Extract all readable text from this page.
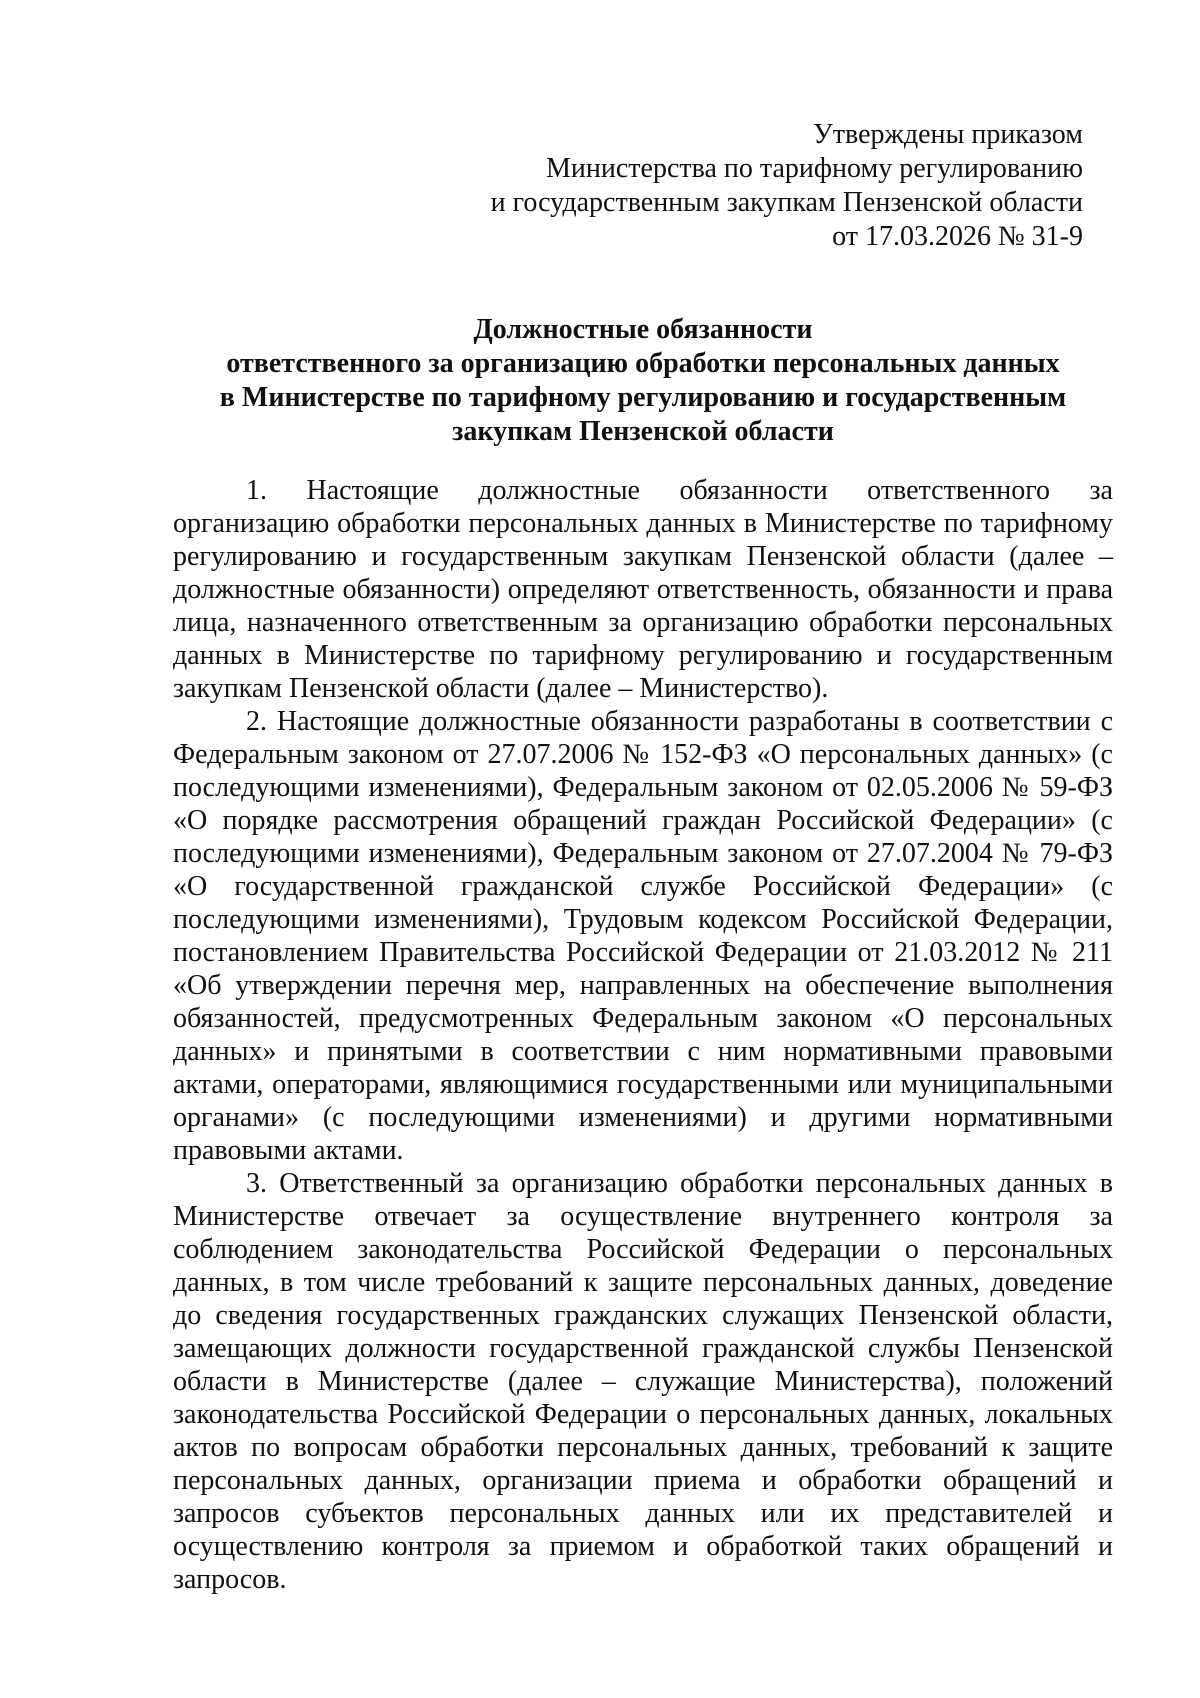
Утверждены приказом
Министерства по тарифному регулированию
и государственным закупкам Пензенской области
от 17.03.2026 № 31-9
Должностные обязанности
ответственного за организацию обработки персональных данных
в Министерстве по тарифному регулированию и государственным
закупкам Пензенской области

1. Настоящие должностные обязанности ответственного за организацию обработки персональных данных в Министерстве по тарифному регулированию и государственным закупкам Пензенской области (далее – должностные обязанности) определяют ответственность, обязанности и права лица, назначенного ответственным за организацию обработки персональных данных в Министерстве по тарифному регулированию и государственным закупкам Пензенской области (далее – Министерство).

2. Настоящие должностные обязанности разработаны в соответствии с Федеральным законом от 27.07.2006 № 152-ФЗ «О персональных данных» (с последующими изменениями), Федеральным законом от 02.05.2006 № 59-ФЗ «О порядке рассмотрения обращений граждан Российской Федерации» (с последующими изменениями), Федеральным законом от 27.07.2004 № 79-ФЗ «О государственной гражданской службе Российской Федерации» (с последующими изменениями), Трудовым кодексом Российской Федерации, постановлением Правительства Российской Федерации от 21.03.2012 № 211 «Об утверждении перечня мер, направленных на обеспечение выполнения обязанностей, предусмотренных Федеральным законом «О персональных данных» и принятыми в соответствии с ним нормативными правовыми актами, операторами, являющимися государственными или муниципальными органами» (с последующими изменениями) и другими нормативными правовыми актами.

3. Ответственный за организацию обработки персональных данных в Министерстве отвечает за осуществление внутреннего контроля за соблюдением законодательства Российской Федерации о персональных данных, в том числе требований к защите персональных данных, доведение до сведения государственных гражданских служащих Пензенской области, замещающих должности государственной гражданской службы Пензенской области в Министерстве (далее – служащие Министерства), положений законодательства Российской Федерации о персональных данных, локальных актов по вопросам обработки персональных данных, требований к защите персональных данных, организации приема и обработки обращений и запросов субъектов персональных данных или их представителей и осуществлению контроля за приемом и обработкой таких обращений и запросов.
